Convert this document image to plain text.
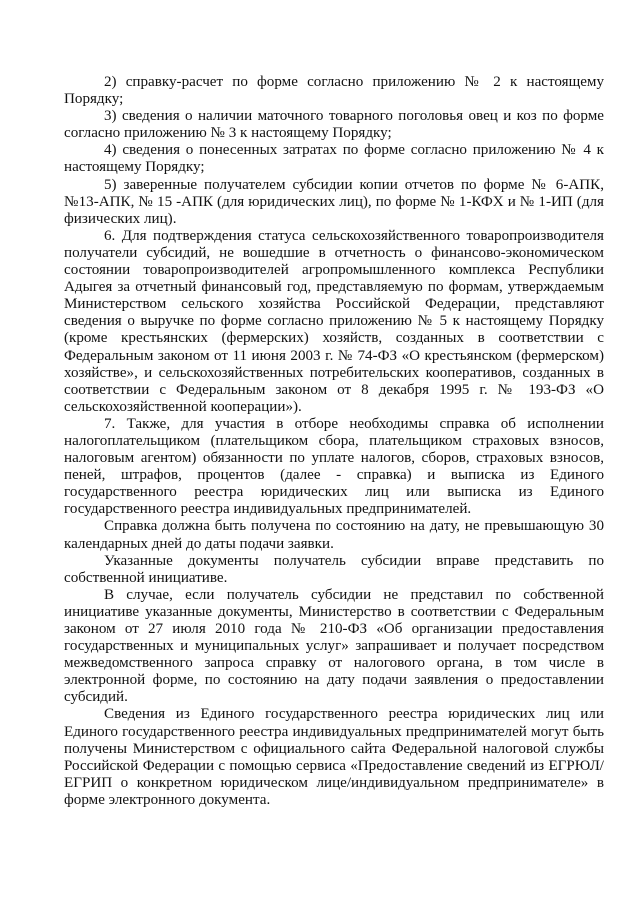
2) справку-расчет по форме согласно приложению № 2 к настоящему Порядку;

3) сведения о наличии маточного товарного поголовья овец и коз по форме согласно приложению № 3 к настоящему Порядку;

4) сведения о понесенных затратах по форме согласно приложению № 4 к настоящему Порядку;

5) заверенные получателем субсидии копии отчетов по форме № 6-АПК, №13-АПК, № 15 -АПК (для юридических лиц), по форме № 1-КФХ и № 1-ИП (для физических лиц).

6. Для подтверждения статуса сельскохозяйственного товаропроизводителя получатели субсидий, не вошедшие в отчетность о финансово-экономическом состоянии товаропроизводителей агропромышленного комплекса Республики Адыгея за отчетный финансовый год, представляемую по формам, утверждаемым Министерством сельского хозяйства Российской Федерации, представляют сведения о выручке по форме согласно приложению № 5 к настоящему Порядку (кроме крестьянских (фермерских) хозяйств, созданных в соответствии с Федеральным законом от 11 июня 2003 г. № 74-ФЗ «О крестьянском (фермерском) хозяйстве», и сельскохозяйственных потребительских кооперативов, созданных в соответствии с Федеральным законом от 8 декабря 1995 г. № 193-ФЗ «О сельскохозяйственной кооперации»).

7. Также, для участия в отборе необходимы справка об исполнении налогоплательщиком (плательщиком сбора, плательщиком страховых взносов, налоговым агентом) обязанности по уплате налогов, сборов, страховых взносов, пеней, штрафов, процентов (далее - справка) и выписка из Единого государственного реестра юридических лиц или выписка из Единого государственного реестра индивидуальных предпринимателей.

Справка должна быть получена по состоянию на дату, не превышающую 30 календарных дней до даты подачи заявки.

Указанные документы получатель субсидии вправе представить по собственной инициативе.

В случае, если получатель субсидии не представил по собственной инициативе указанные документы, Министерство в соответствии с Федеральным законом от 27 июля 2010 года № 210-ФЗ «Об организации предоставления государственных и муниципальных услуг» запрашивает и получает посредством межведомственного запроса справку от налогового органа, в том числе в электронной форме, по состоянию на дату подачи заявления о предоставлении субсидий.

Сведения из Единого государственного реестра юридических лиц или Единого государственного реестра индивидуальных предпринимателей могут быть получены Министерством с официального сайта Федеральной налоговой службы Российской Федерации с помощью сервиса «Предоставление сведений из ЕГРЮЛ/ЕГРИП о конкретном юридическом лице/индивидуальном предпринимателе» в форме электронного документа.
